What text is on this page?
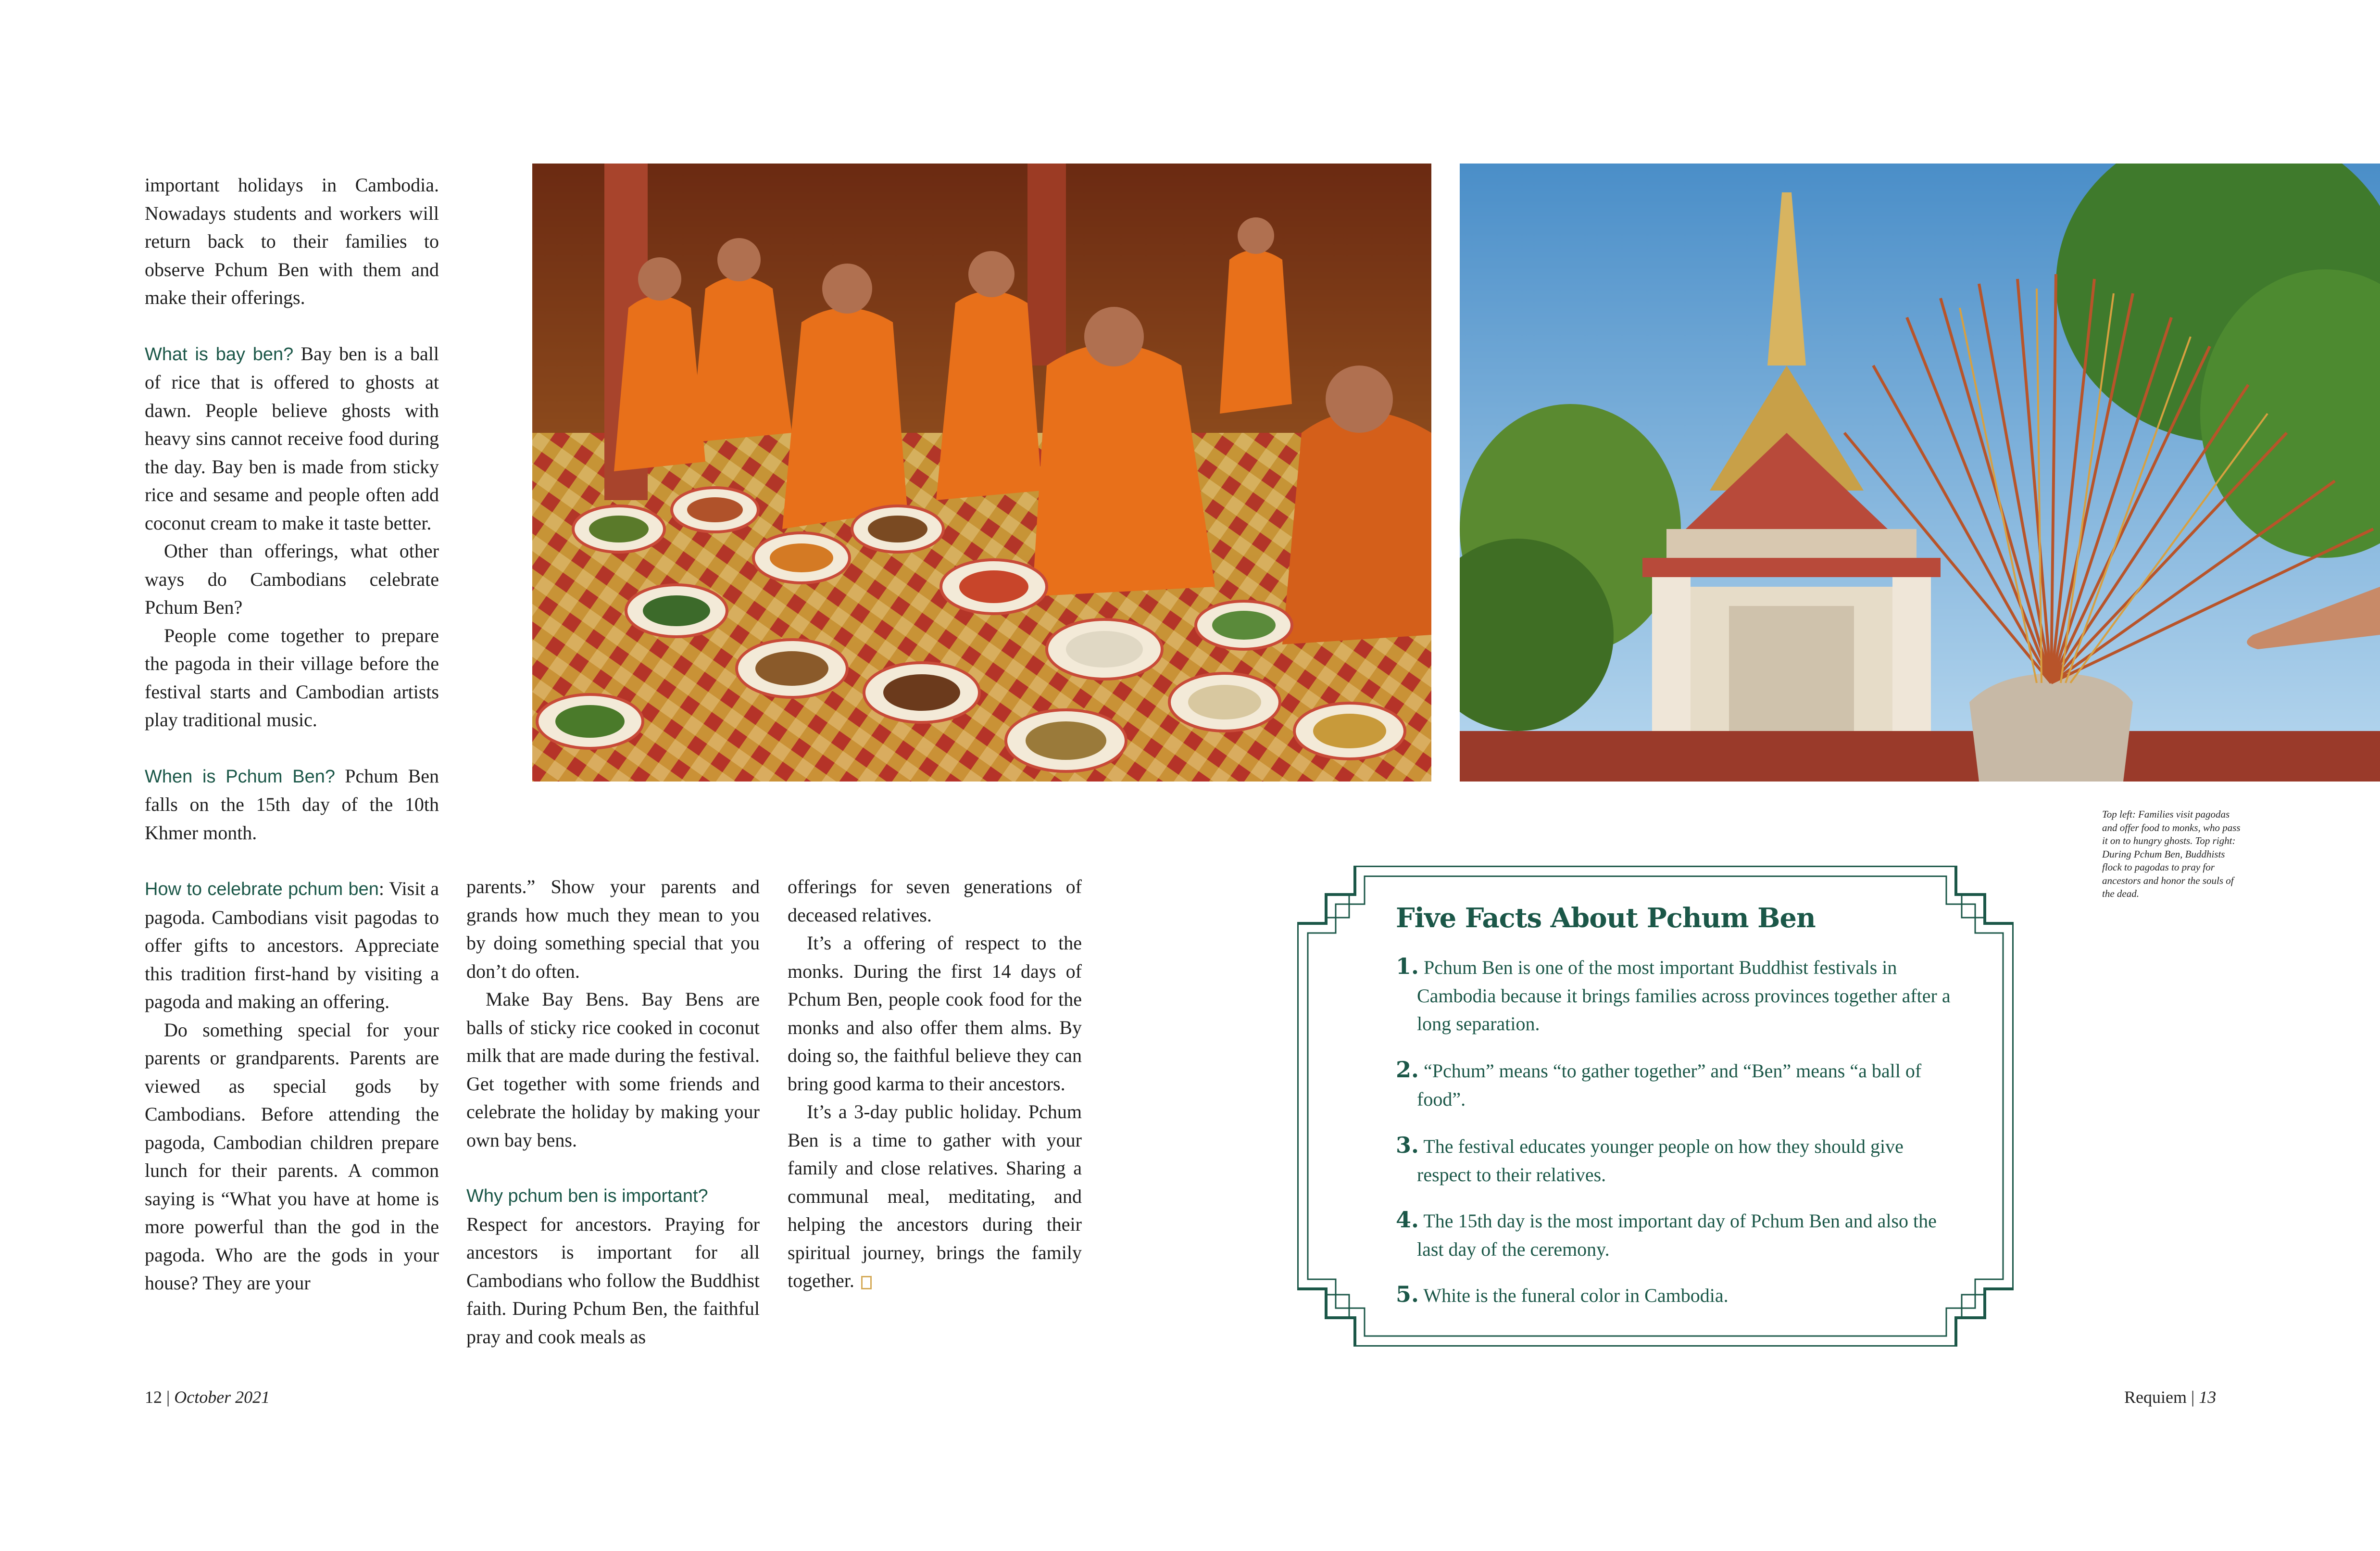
important holidays in Cambodia. Nowadays students and workers will return back to their families to observe Pchum Ben with them and make their offerings.

What is bay ben? Bay ben is a ball of rice that is offered to ghosts at dawn. People believe ghosts with heavy sins cannot receive food during the day. Bay ben is made from sticky rice and sesame and people often add coconut cream to make it taste better.

Other than offerings, what other ways do Cambodians celebrate Pchum Ben?

People come together to prepare the pagoda in their village before the festival starts and Cambodian artists play traditional music.

When is Pchum Ben? Pchum Ben falls on the 15th day of the 10th Khmer month.

How to celebrate pchum ben: Visit a pagoda. Cambodians visit pagodas to offer gifts to ancestors. Appreciate this tradition first-hand by visiting a pagoda and making an offering.

Do something special for your parents or grandparents. Parents are viewed as special gods by Cambodians. Before attending the pagoda, Cambodian children prepare lunch for their parents. A common saying is “What you have at home is more powerful than the god in the pagoda. Who are the gods in your house? They are your

parents.” Show your parents and grands how much they mean to you by doing something special that you don’t do often.

Make Bay Bens. Bay Bens are balls of sticky rice cooked in coconut milk that are made during the festival. Get together with some friends and celebrate the holiday by making your own bay bens.

Why pchum ben is important?
Respect for ancestors. Praying for ancestors is important for all Cambodians who follow the Buddhist faith. During Pchum Ben, the faithful pray and cook meals as

offerings for seven generations of deceased relatives.

It’s a offering of respect to the monks. During the first 14 days of Pchum Ben, people cook food for the monks and also offer them alms. By doing so, the faithful believe they can bring good karma to their ancestors.

It’s a 3-day public holiday. Pchum Ben is a time to gather with your family and close relatives. Sharing a communal meal, meditating, and helping the ancestors during their spiritual journey, brings the family together.

Top left: Families visit pagodas and offer food to monks, who pass it on to hungry ghosts. Top right: During Pchum Ben, Buddhists flock to pagodas to pray for ancestors and honor the souls of the dead.
Five Facts About Pchum Ben
1. Pchum Ben is one of the most important Buddhist festivals in Cambodia because it brings families across provinces together after a long separation.
2. “Pchum” means “to gather together” and “Ben” means “a ball of food”.
3. The festival educates younger people on how they should give respect to their relatives.
4. The 15th day is the most important day of Pchum Ben and also the last day of the ceremony.
5. White is the funeral color in Cambodia.
12 | October 2021	Requiem | 13
